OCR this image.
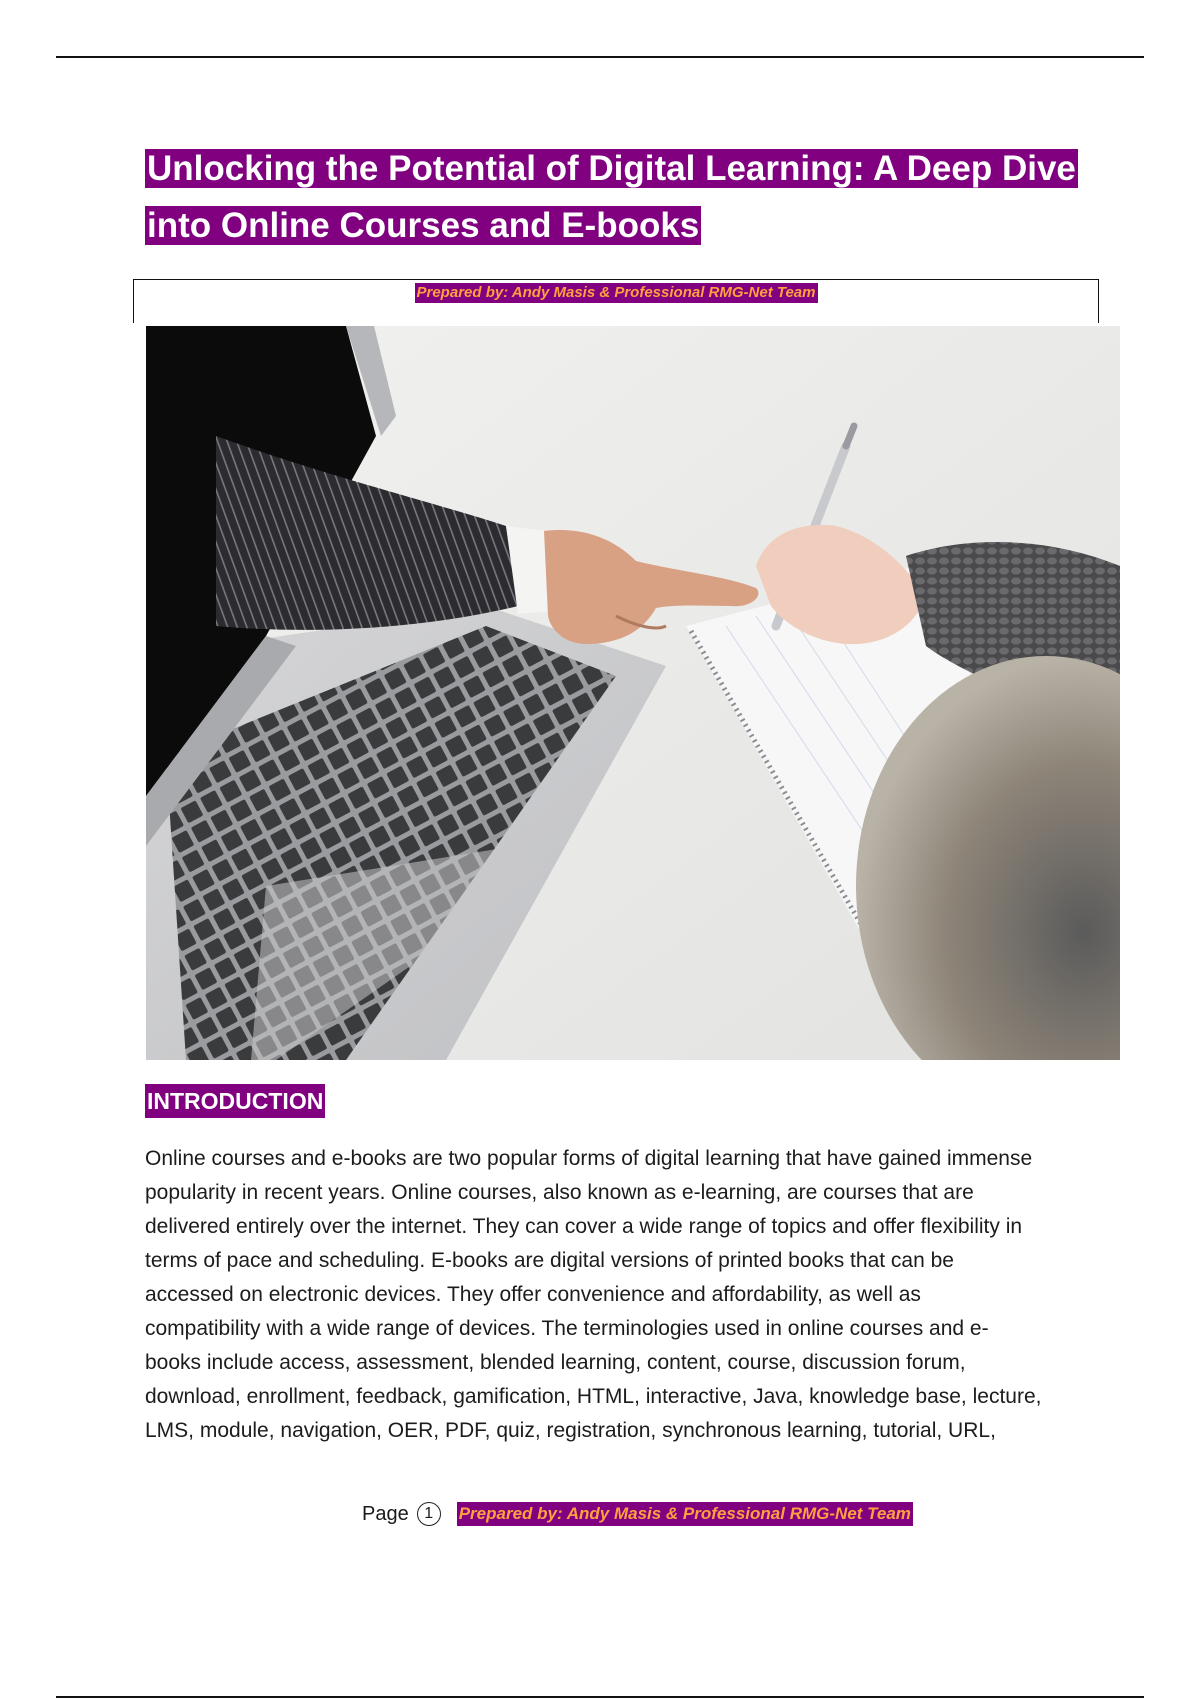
Unlocking the Potential of Digital Learning: A Deep Dive
into Online Courses and E-books
Prepared by: Andy Masis & Professional RMG-Net Team
INTRODUCTION

Online courses and e-books are two popular forms of digital learning that have gained immense
popularity in recent years. Online courses, also known as e-learning, are courses that are
delivered entirely over the internet. They can cover a wide range of topics and offer flexibility in
terms of pace and scheduling. E-books are digital versions of printed books that can be
accessed on electronic devices. They offer convenience and affordability, as well as
compatibility with a wide range of devices. The terminologies used in online courses and e-
books include access, assessment, blended learning, content, course, discussion forum,
download, enrollment, feedback, gamification, HTML, interactive, Java, knowledge base, lecture,
LMS, module, navigation, OER, PDF, quiz, registration, synchronous learning, tutorial, URL,

Page 1	Prepared by: Andy Masis & Professional RMG-Net Team
